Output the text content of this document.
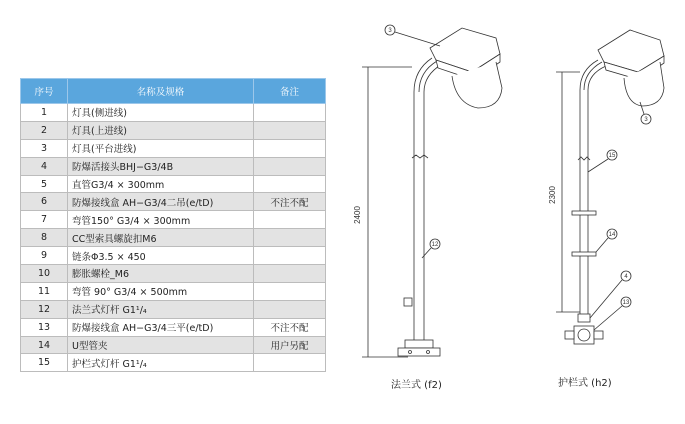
序号	名称及规格	备注
1	灯具(侧进线)	
2	灯具(上进线)	
3	灯具(平台进线)	
4	防爆活接头BHJ−G3/4B	
5	直管G3/4 × 300mm	
6	防爆接线盒 AH−G3/4二吊(e/tD)	不注不配
7	弯管150° G3/4 × 300mm	
8	CC型索具螺旋扣M6	
9	链条Φ3.5 × 450	
10	膨胀螺栓_M6	
11	弯管 90° G3/4 × 500mm	
12	法兰式灯杆 G1¹/₄	
13	防爆接线盒 AH−G3/4三平(e/tD)	不注不配
14	U型管夹	用户另配
15	护栏式灯杆 G1¹/₄	
2400
2300
3
12
3
15
14
4
13
法兰式 (f2)	护栏式 (h2)
